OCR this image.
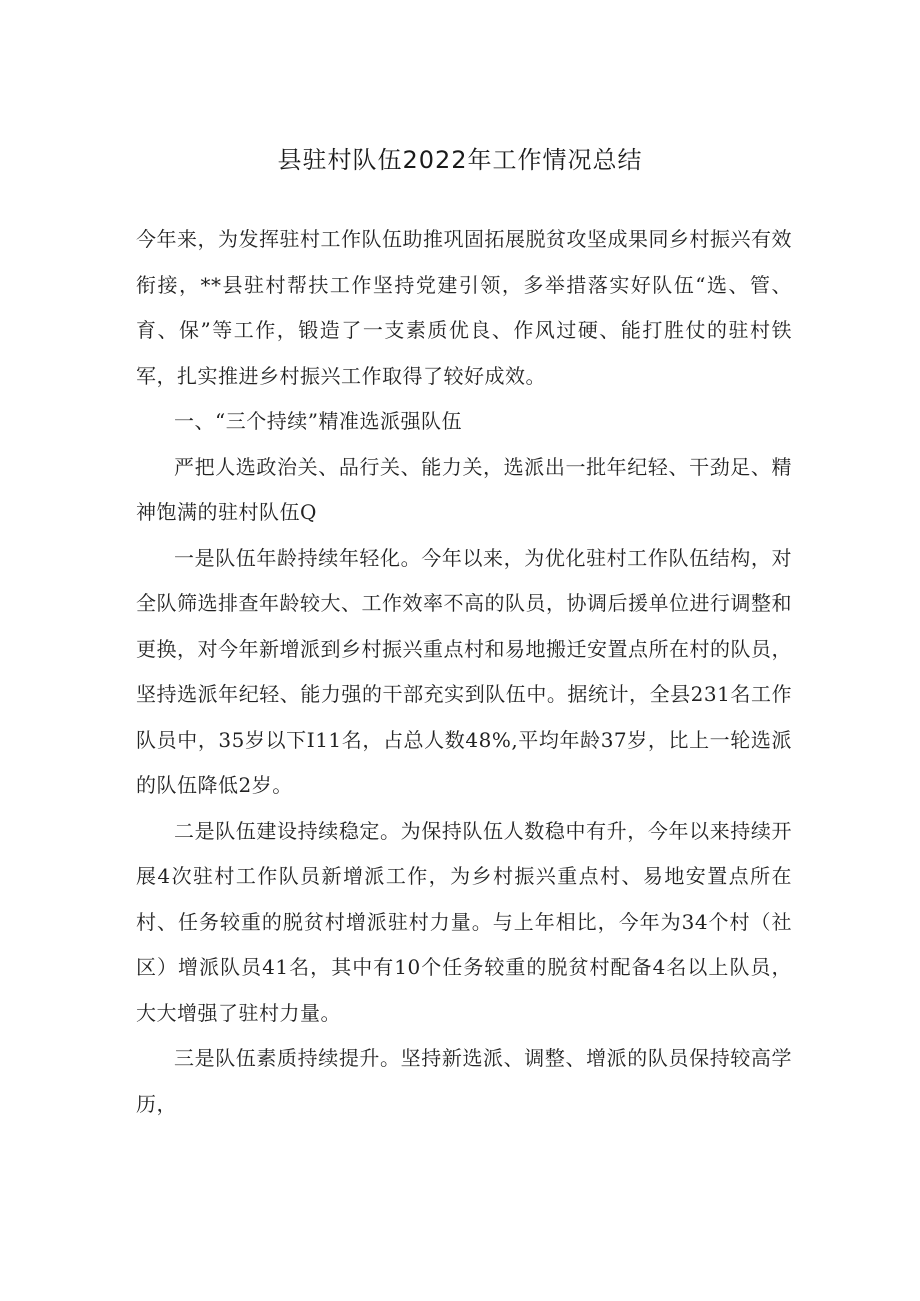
县驻村队伍2022年工作情况总结

今年来，为发挥驻村工作队伍助推巩固拓展脱贫攻坚成果同乡村振兴有效衔接，**县驻村帮扶工作坚持党建引领，多举措落实好队伍“选、管、育、保”等工作，锻造了一支素质优良、作风过硬、能打胜仗的驻村铁军，扎实推进乡村振兴工作取得了较好成效。

一、“三个持续”精准选派强队伍

严把人选政治关、品行关、能力关，选派出一批年纪轻、干劲足、精神饱满的驻村队伍Q

一是队伍年龄持续年轻化。今年以来，为优化驻村工作队伍结构，对全队筛选排查年龄较大、工作效率不高的队员，协调后援单位进行调整和更换，对今年新增派到乡村振兴重点村和易地搬迁安置点所在村的队员，坚持选派年纪轻、能力强的干部充实到队伍中。据统计，全县231名工作队员中，35岁以下I11名，占总人数48%,平均年龄37岁，比上一轮选派的队伍降低2岁。

二是队伍建设持续稳定。为保持队伍人数稳中有升，今年以来持续开展4次驻村工作队员新增派工作，为乡村振兴重点村、易地安置点所在村、任务较重的脱贫村增派驻村力量。与上年相比，今年为34个村（社区）增派队员41名，其中有10个任务较重的脱贫村配备4名以上队员，大大增强了驻村力量。

三是队伍素质持续提升。坚持新选派、调整、增派的队员保持较高学历，
